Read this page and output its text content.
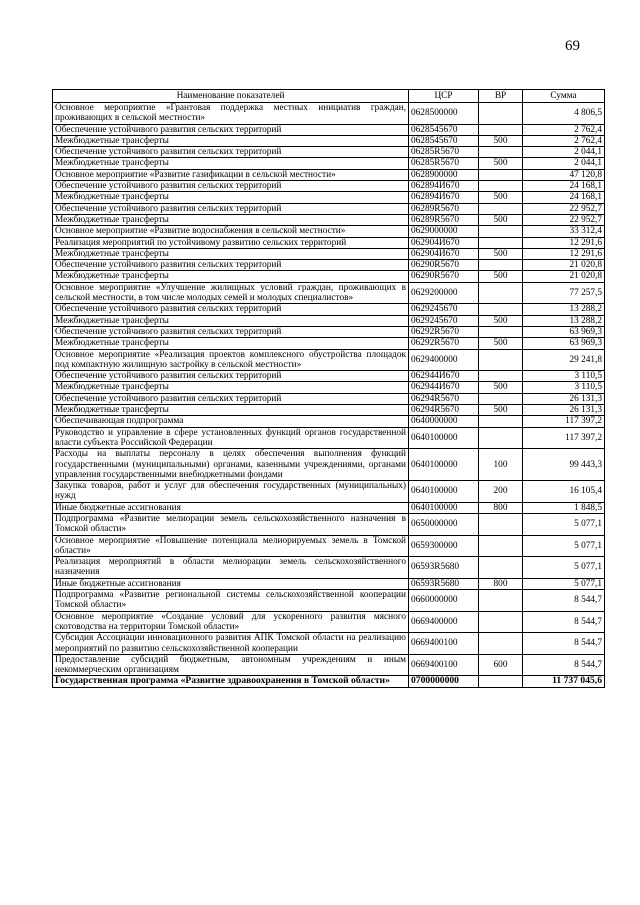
69
Наименование показателей	ЦСР	ВР	Сумма
Основное мероприятие «Грантовая поддержка местных инициатив граждан, проживающих в сельской местности»	0628500000		4 806,5
Обеспечение устойчивого развития сельских территорий	0628545670		2 762,4
Межбюджетные трансферты	0628545670	500	2 762,4
Обеспечение устойчивого развития сельских территорий	06285R5670		2 044,1
Межбюджетные трансферты	06285R5670	500	2 044,1
Основное мероприятие «Развитие газификации в сельской местности»	0628900000		47 120,8
Обеспечение устойчивого развития сельских территорий	062894И670		24 168,1
Межбюджетные трансферты	062894И670	500	24 168,1
Обеспечение устойчивого развития сельских территорий	06289R5670		22 952,7
Межбюджетные трансферты	06289R5670	500	22 952,7
Основное мероприятие «Развитие водоснабжения в сельской местности»	0629000000		33 312,4
Реализация мероприятий по устойчивому развитию сельских территорий	062904И670		12 291,6
Межбюджетные трансферты	062904И670	500	12 291,6
Обеспечение устойчивого развития сельских территорий	06290R5670		21 020,8
Межбюджетные трансферты	06290R5670	500	21 020,8
Основное мероприятие «Улучшение жилищных условий граждан, проживающих в сельской местности, в том числе молодых семей и молодых специалистов»	0629200000		77 257,5
Обеспечение устойчивого развития сельских территорий	0629245670		13 288,2
Межбюджетные трансферты	0629245670	500	13 288,2
Обеспечение устойчивого развития сельских территорий	06292R5670		63 969,3
Межбюджетные трансферты	06292R5670	500	63 969,3
Основное мероприятие «Реализация проектов комплексного обустройства площадок под компактную жилищную застройку в сельской местности»	0629400000		29 241,8
Обеспечение устойчивого развития сельских территорий	062944И670		3 110,5
Межбюджетные трансферты	062944И670	500	3 110,5
Обеспечение устойчивого развития сельских территорий	06294R5670		26 131,3
Межбюджетные трансферты	06294R5670	500	26 131,3
Обеспечивающая подпрограмма	0640000000		117 397,2
Руководство и управление в сфере установленных функций органов государственной власти субъекта Российской Федерации	0640100000		117 397,2
Расходы на выплаты персоналу в целях обеспечения выполнения функций государственными (муниципальными) органами, казенными учреждениями, органами управления государственными внебюджетными фондами	0640100000	100	99 443,3
Закупка товаров, работ и услуг для обеспечения государственных (муниципальных) нужд	0640100000	200	16 105,4
Иные бюджетные ассигнования	0640100000	800	1 848,5
Подпрограмма «Развитие мелиорации земель сельскохозяйственного назначения в Томской области»	0650000000		5 077,1
Основное мероприятие «Повышение потенциала мелиорируемых земель в Томской области»	0659300000		5 077,1
Реализация мероприятий в области мелиорации земель сельскохозяйственного назначения	06593R5680		5 077,1
Иные бюджетные ассигнования	06593R5680	800	5 077,1
Подпрограмма «Развитие региональной системы сельскохозяйственной кооперации Томской области»	0660000000		8 544,7
Основное мероприятие «Создание условий для ускоренного развития мясного скотоводства на территории Томской области»	0669400000		8 544,7
Субсидия Ассоциации инновационного развития АПК Томской области на реализацию мероприятий по развитию сельскохозяйственной кооперации	0669400100		8 544,7
Предоставление субсидий бюджетным, автономным учреждениям и иным некоммерческим организациям	0669400100	600	8 544,7
Государственная программа «Развитие здравоохранения в Томской области»	0700000000		11 737 045,6
